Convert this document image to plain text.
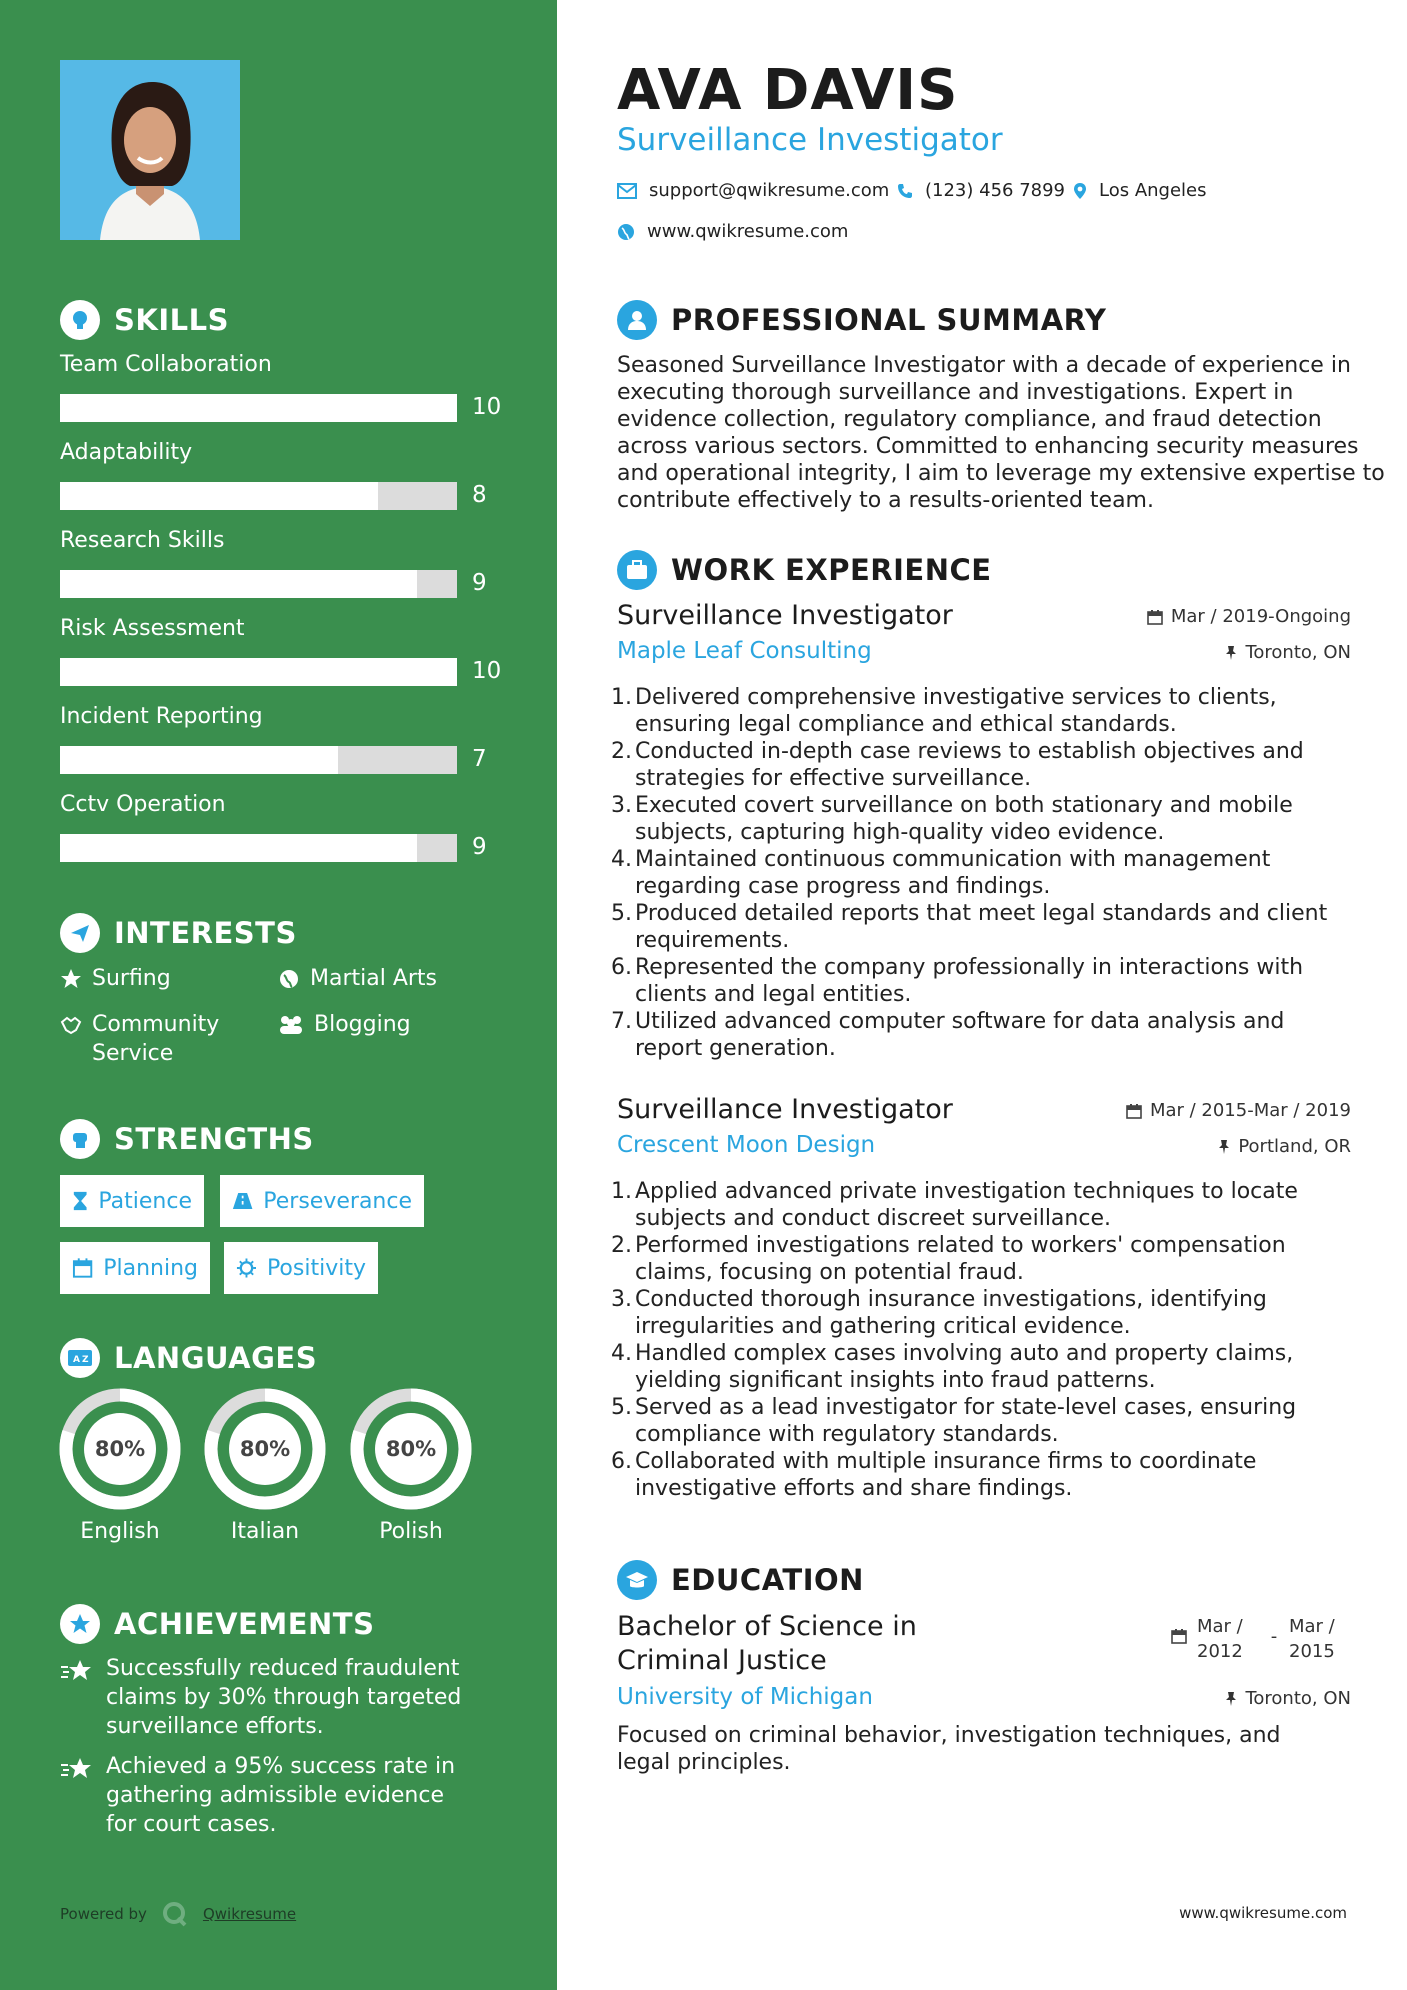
SKILLS
Team Collaboration
10
Adaptability
8
Research Skills
9
Risk Assessment
10
Incident Reporting
7
Cctv Operation
9
INTERESTS
Surfing	Martial Arts
Community Service
Blogging
STRENGTHS
Patience	Perseverance
Planning	Positivity
A Z LANGUAGES
80%
English
80%
Italian
80%
Polish
ACHIEVEMENTS
Successfully reduced fraudulent claims by 30% through targeted surveillance efforts.
Achieved a 95% success rate in gathering admissible evidence for court cases.
Powered by	Qwikresume
AVA DAVIS
Surveillance Investigator
support@qwikresume.com (123) 456 7899 Los Angeles
www.qwikresume.com
PROFESSIONAL SUMMARY

Seasoned Surveillance Investigator with a decade of experience in executing thorough surveillance and investigations. Expert in evidence collection, regulatory compliance, and fraud detection across various sectors. Committed to enhancing security measures and operational integrity, I aim to leverage my extensive expertise to contribute effectively to a results-oriented team.

WORK EXPERIENCE
Surveillance Investigator
Maple Leaf Consulting
Mar / 2019-Ongoing
Toronto, ON
1. Delivered comprehensive investigative services to clients, ensuring legal compliance and ethical standards.
2. Conducted in-depth case reviews to establish objectives and strategies for effective surveillance.
3. Executed covert surveillance on both stationary and mobile subjects, capturing high-quality video evidence.
4. Maintained continuous communication with management regarding case progress and findings.
5. Produced detailed reports that meet legal standards and client requirements.
6. Represented the company professionally in interactions with clients and legal entities.
7. Utilized advanced computer software for data analysis and report generation.
Surveillance Investigator
Crescent Moon Design
Mar / 2015-Mar / 2019
Portland, OR
1. Applied advanced private investigation techniques to locate subjects and conduct discreet surveillance.
2. Performed investigations related to workers' compensation claims, focusing on potential fraud.
3. Conducted thorough insurance investigations, identifying irregularities and gathering critical evidence.
4. Handled complex cases involving auto and property claims, yielding significant insights into fraud patterns.
5. Served as a lead investigator for state-level cases, ensuring compliance with regulatory standards.
6. Collaborated with multiple insurance firms to coordinate investigative efforts and share findings.
EDUCATION
Bachelor of Science in Criminal Justice
Mar /
2012
- Mar /
2015
University of Michigan	Toronto, ON
Focused on criminal behavior, investigation techniques, and legal principles.
www.qwikresume.com
